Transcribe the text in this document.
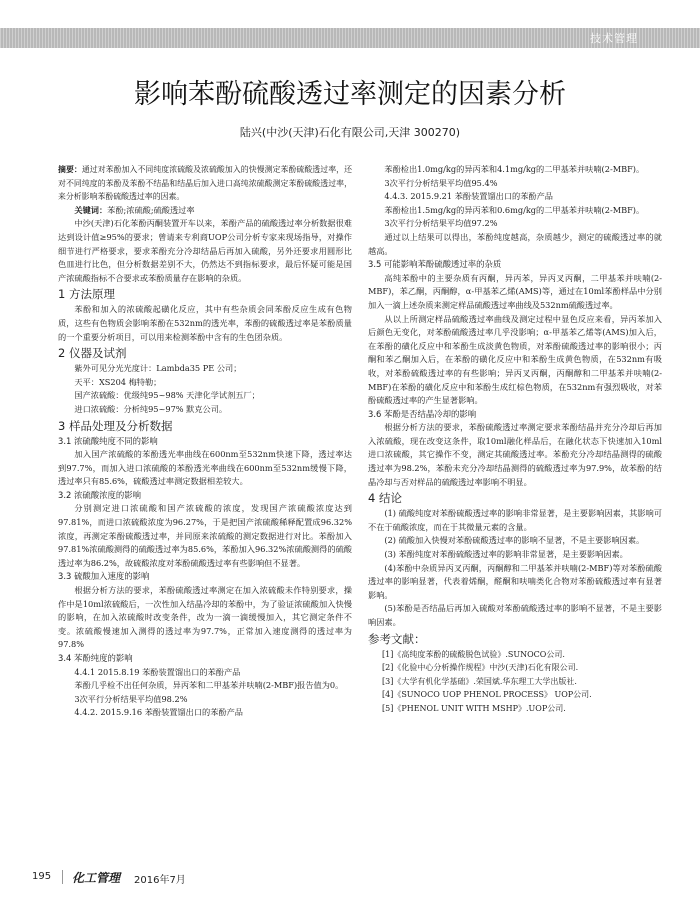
技术管理
影响苯酚硫酸透过率测定的因素分析
陆兴(中沙(天津)石化有限公司,天津 300270)

摘要：通过对苯酚加入不同纯度浓硫酸及浓硫酸加入的快慢测定苯酚硫酸透过率，还对不同纯度的苯酚及苯酚不结晶和结晶后加入进口高纯浓硫酸测定苯酚硫酸透过率，来分析影响苯酚硫酸透过率的因素。

关键词：苯酚;浓硫酸;硫酸透过率

中沙(天津)石化苯酚丙酮装置开车以来，苯酚产品的硫酸透过率分析数据很难达到设计值≥95%的要求；曾请来专利商UOP公司分析专家来现场指导，对操作细节进行严格要求，要求苯酚充分冷却结晶后再加入硫酸，另外还要求用圆形比色皿进行比色，但分析数据差别不大，仍然达不到指标要求，最后怀疑可能是国产浓硫酸指标不合要求或苯酚质量存在影响的杂质。

1 方法原理

苯酚和加入的浓硫酸起磺化反应，其中有些杂质会同苯酚反应生成有色物质，这些有色物质会影响苯酚在532nm的透光率，苯酚的硫酸透过率是苯酚质量的一个重要分析项目，可以用来检测苯酚中含有的生色团杂质。

2 仪器及试剂

紫外可见分光光度计：Lambda35 PE 公司；

天平：XS204 梅特勒；

国产浓硫酸：优级纯95~98% 天津化学试剂五厂；

进口浓硫酸：分析纯95~97% 默克公司。

3 样品处理及分析数据
3.1 浓硫酸纯度不同的影响

加入国产浓硫酸的苯酚透光率曲线在600nm至532nm快速下降，透过率达到97.7%，而加入进口浓硫酸的苯酚透光率曲线在600nm至532nm缓慢下降，透过率只有85.6%，硫酸透过率测定数据相差较大。

3.2 浓硫酸浓度的影响

分别测定进口浓硫酸和国产浓硫酸的浓度，发现国产浓硫酸浓度达到97.81%，而进口浓硫酸浓度为96.27%，于是把国产浓硫酸稀释配置成96.32%浓度，再测定苯酚硫酸透过率，并同原来浓硫酸的测定数据进行对比。苯酚加入97.81%浓硫酸测得的硫酸透过率为85.6%，苯酚加入96.32%浓硫酸测得的硫酸透过率为86.2%，故硫酸浓度对苯酚硫酸透过率有些影响但不显著。

3.3 硫酸加入速度的影响

根据分析方法的要求，苯酚硫酸透过率测定在加入浓硫酸未作特别要求，操作中是10ml浓硫酸后，一次性加入结晶冷却的苯酚中，为了验证浓硫酸加入快慢的影响，在加入浓硫酸时改变条件，改为一滴一滴缓慢加入，其它测定条件不变。浓硫酸慢速加入测得的透过率为97.7%，正常加入速度测得的透过率为97.8%

3.4 苯酚纯度的影响

4.4.1 2015.8.19 苯酚装置馏出口的苯酚产品

苯酚几乎检不出任何杂质，异丙苯和二甲基苯并呋喃(2-MBF)报告值为0。

3次平行分析结果平均值98.2%

4.4.2. 2015.9.16 苯酚装置馏出口的苯酚产品

苯酚检出1.0mg/kg的异丙苯和4.1mg/kg的二甲基苯并呋喃(2-MBF)。

3次平行分析结果平均值95.4%

4.4.3. 2015.9.21 苯酚装置馏出口的苯酚产品

苯酚检出1.5mg/kg的异丙苯和0.6mg/kg的二甲基苯并呋喃(2-MBF)。

3次平行分析结果平均值97.2%

通过以上结果可以得出，苯酚纯度越高，杂质越少，测定的硫酸透过率的就越高。

3.5 可能影响苯酚硫酸透过率的杂质

高纯苯酚中的主要杂质有丙酮，异丙苯，异丙叉丙酮，二甲基苯并呋喃(2-MBF)，苯乙酮，丙酮醇，α-甲基苯乙烯(AMS)等，通过在10ml苯酚样品中分别加入一滴上述杂质来测定样品硫酸透过率曲线及532nm硫酸透过率。

从以上所测定样品硫酸透过率曲线及测定过程中显色反应来看，异丙苯加入后颜色无变化，对苯酚硫酸透过率几乎没影响；α-甲基苯乙烯等(AMS)加入后，在苯酚的磺化反应中和苯酚生成淡黄色物质，对苯酚硫酸透过率的影响很小；丙酮和苯乙酮加入后，在苯酚的磺化反应中和苯酚生成黄色物质，在532nm有吸收，对苯酚硫酸透过率的有些影响；异丙叉丙酮，丙酮醇和二甲基苯并呋喃(2-MBF)在苯酚的磺化反应中和苯酚生成红棕色物质，在532nm有强烈吸收，对苯酚硫酸透过率的产生显著影响。

3.6 苯酚是否结晶冷却的影响

根据分析方法的要求，苯酚硫酸透过率测定要求苯酚结晶并充分冷却后再加入浓硫酸，现在改变这条件，取10ml融化样品后，在融化状态下快速加入10ml进口浓硫酸，其它操作不变，测定其硫酸透过率。苯酚充分冷却结晶测得的硫酸透过率为98.2%，苯酚未充分冷却结晶测得的硫酸透过率为97.9%，故苯酚的结晶冷却与否对样品的硫酸透过率影响不明显。

4 结论

(1) 硫酸纯度对苯酚硫酸透过率的影响非常显著，是主要影响因素，其影响可不在于硫酸浓度，而在于其微量元素的含量。

(2) 硫酸加入快慢对苯酚硫酸透过率的影响不显著，不是主要影响因素。

(3) 苯酚纯度对苯酚硫酸透过率的影响非常显著，是主要影响因素。

(4)苯酚中杂质异丙叉丙酮，丙酮醇和二甲基苯并呋喃(2-MBF)等对苯酚硫酸透过率的影响显著，代表着烯酮，醛酮和呋喃类化合物对苯酚硫酸透过率有显著影响。

(5)苯酚是否结晶后再加入硫酸对苯酚硫酸透过率的影响不显著，不是主要影响因素。

参考文献：
[1]《高纯度苯酚的硫酸脱色试验》.SUNOCO公司.
[2]《化验中心分析操作规程》中沙(天津)石化有限公司.
[3]《大学有机化学基础》.荣国斌.华东理工大学出版社.
[4]《SUNOCO UOP PHENOL PROCESS》 UOP公司.
[5]《PHENOL UNIT WITH MSHP》.UOP公司.
195 化工管理 2016年7月
